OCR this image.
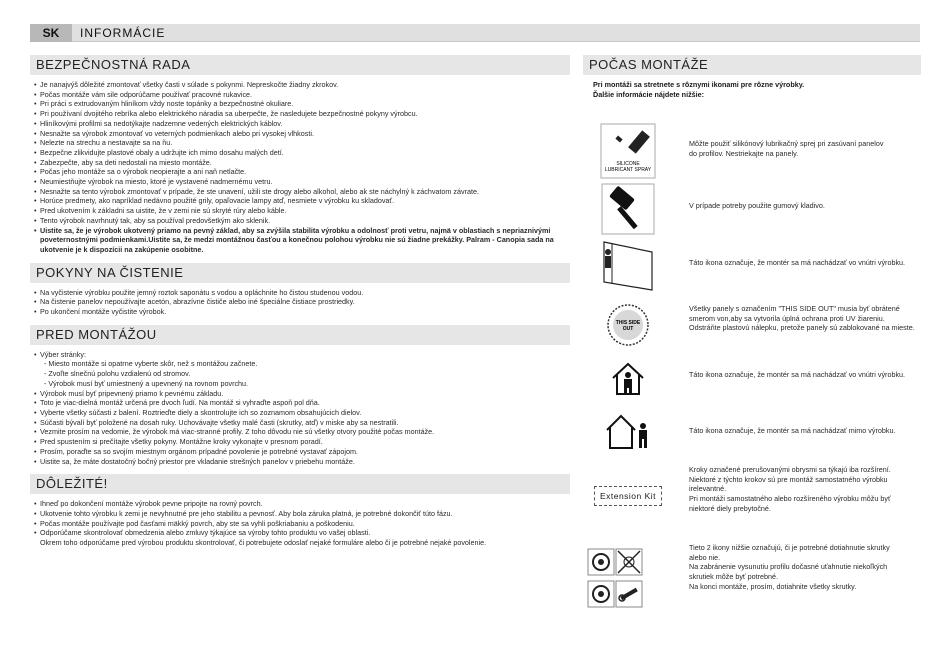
SK	INFORMÁCIE
BEZPEČNOSTNÁ RADA
• Je nanajvýš dôležité zmontovať všetky časti v súlade s pokynmi. Nepreskočte žiadny zkrokov.
• Počas montáže vám sile odporúčame používať pracovné rukavice.
• Pri práci s extrudovaným hliníkom vždy noste topánky a bezpečnostné okuliare.
• Pri používaní dvojitého rebríka alebo elektrického náradia sa uberpečte, že nasledujete bezpečnostné pokyny výrobcu.
• Hliníkovými profilmi sa nedotýkajte nadzemne vedených elektrických káblov.
• Nesnažte sa výrobok zmontovať vo veterných podmienkach alebo pri vysokej vlhkosti.
• Nelezte na strechu a nestavajte sa na ňu.
• Bezpečne zlikvidujte plastové obaly a udržujte ich mimo dosahu malých detí.
• Zabezpečte, aby sa deti nedostali na miesto montáže.
• Počas jeho montáže sa o výrobok neopierajte a ani naň netlačte.
• Neumiestňujte výrobok na miesto, ktoré je vystavené nadmernému vetru.
• Nesnažte sa tento výrobok zmontovať v prípade, že ste unavení, užili ste drogy alebo alkohol, alebo ak ste náchylný k záchvatom závrate.
• Horúce predmety, ako napríklad nedávno použité grily, opaľovacie lampy atď, nesmiete v výrobku ku skladovať.
• Pred ukotvením k základni sa uistite, že v zemi nie sú skryté rúry alebo káble.
• Tento výrobok navrhnutý tak, aby sa používal predovšetkým ako sklenik.
• Uistite sa, že je výrobok ukotvený priamo na pevný základ, aby sa zvýšila stabilita výrobku a odolnosť proti vetru, najmä v oblastiach s nepriaznivými poveternostnými podmienkami.Uistite sa, že medzi montážnou časťou a konečnou polohou výrobku nie sú žiadne prekážky. Palram - Canopia sada na ukotvenie je k dispozícii na zakúpenie osobitne.
POKYNY NA ČISTENIE
• Na vyčistenie výrobku použite jemný roztok saponátu s vodou a opláchnite ho čistou studenou vodou.
• Na čistenie panelov nepoužívajte acetón, abrazívne čističe alebo iné špeciálne čistiace prostriedky.
• Po ukončení montáže vyčistite výrobok.
PRED MONTÁŽOU
• Výber stránky:
- Miesto montáže si opatrne vyberte skôr, než s montážou začnete.
- Zvoľte slnečnú polohu vzdialenú od stromov.
- Výrobok musí byť umiestnený a upevnený na rovnom povrchu.
• Výrobok musí byť pripevnený priamo k pevnému základu.
• Toto je viac-dielná montáž určená pre dvoch ľudí. Na montáž si vyhraďte aspoň pol dňa.
• Vyberte všetky súčasti z balení. Roztrieďte diely a skontrolujte ich so zoznamom obsahujúcich dielov.
• Súčasti bývalí byť položené na dosah ruky. Uchovávajte všetky malé časti (skrutky, atď) v miske aby sa nestratili.
• Vezmite prosím na vedomie, že výrobok má viac-stranné profily. Z toho dôvodu nie sú všetky otvory použité počas montáže.
• Pred spustením si prečítajte všetky pokyny. Montážne kroky vykonajte v presnom poradí.
• Prosím, poraďte sa so svojím miestnym orgánom prípadné povolenie je potrebné vystavať zápojom.
• Uistite sa, že máte dostatočný bočný priestor pre vkladanie strešných panelov v priebehu montáže.
DÔLEŽITÉ!
• Ihneď po dokončení montáže výrobok pevne pripojte na rovný povrch.
• Ukotvenie tohto výrobku k zemi je nevyhnutné pre jeho stabilitu a pevnosť. Aby bola záruka platná, je potrebné dokončiť túto fázu.
• Počas montáže používajte pod časťami mäkký povrch, aby ste sa vyhli poškriabaniu a poškodeniu.
• Odporúčame skontrolovať obmedzenia alebo zmluvy týkajúce sa výroby tohto produktu vo vašej oblasti.
Okrem toho odporúčame pred výrobou produktu skontrolovať, či potrebujete odoslať nejaké formuláre alebo či je potrebné nejaké povolenie.
POČAS MONTÁŽE

Pri montáži sa stretnete s rôznymi ikonami pre rôzne výrobky.

Ďalšie informácie nájdete nižšie:

SILICONE
LUBRICANT SPRAY

Môžte použiť silikónový lubrikačný sprej pri zasúvaní panelov

do profilov. Nestriekajte na panely.

V prípade potreby použite gumový kladivo.

Táto ikona označuje, že montér sa má nachádzať vo vnútri výrobku.

THIS SIDE
OUT

Všetky panely s označením "THIS SIDE OUT" musia byť obrátené

smerom von,aby sa vytvorila úplná ochrana proti UV žiareniu.

Odstráňte plastovú nálepku, pretože panely sú zablokované na mieste.

Táto ikona označuje, že montér sa má nachádzať vo vnútri výrobku.

Táto ikona označuje, že montér sa má nachádzať mimo výrobku.

Extension Kit

Kroky označené prerušovanými obrysmi sa týkajú iba rozšírení.

Niektoré z týchto krokov sú pre montáž samostatného výrobku

irelevantné.

Pri montáži samostatného alebo rozšíreného výrobku môžu byť

niektoré diely prebytočné.

Tieto 2 ikony nižšie označujú, či je potrebné dotiahnutie skrutky

alebo nie.

Na zabránenie vysunutiu profilu dočasné uťahnutie niekoľkých

skrutiek môže byť potrebné.

Na konci montáže, prosím, dotiahnite všetky skrutky.
